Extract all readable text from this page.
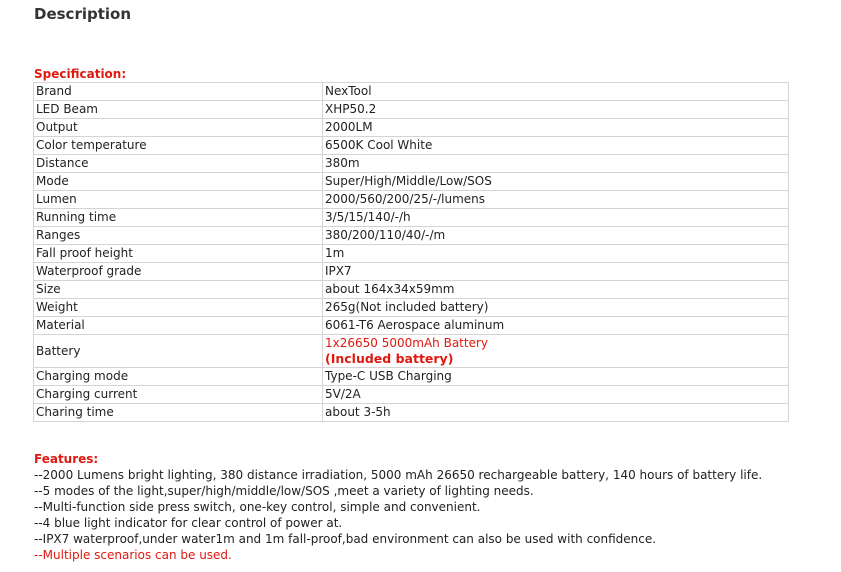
Description
Specification:
Brand	NexTool
LED Beam	XHP50.2
Output	2000LM
Color temperature	6500K Cool White
Distance	380m
Mode	Super/High/Middle/Low/SOS
Lumen	2000/560/200/25/-/lumens
Running time	3/5/15/140/-/h
Ranges	380/200/110/40/-/m
Fall proof height	1m
Waterproof grade	IPX7
Size	about 164x34x59mm
Weight	265g(Not included battery)
Material	6061-T6 Aerospace aluminum
Battery	1x26650 5000mAh Battery
(Included battery)

Charging mode	Type-C USB Charging
Charging current	5V/2A
Charing time	about 3-5h
Features:
--2000 Lumens bright lighting, 380 distance irradiation, 5000 mAh 26650 rechargeable battery, 140 hours of battery life.
--5 modes of the light,super/high/middle/low/SOS ,meet a variety of lighting needs.
--Multi-function side press switch, one-key control, simple and convenient.
--4 blue light indicator for clear control of power at.
--IPX7 waterproof,under water1m and 1m fall-proof,bad environment can also be used with confidence.
--Multiple scenarios can be used.
